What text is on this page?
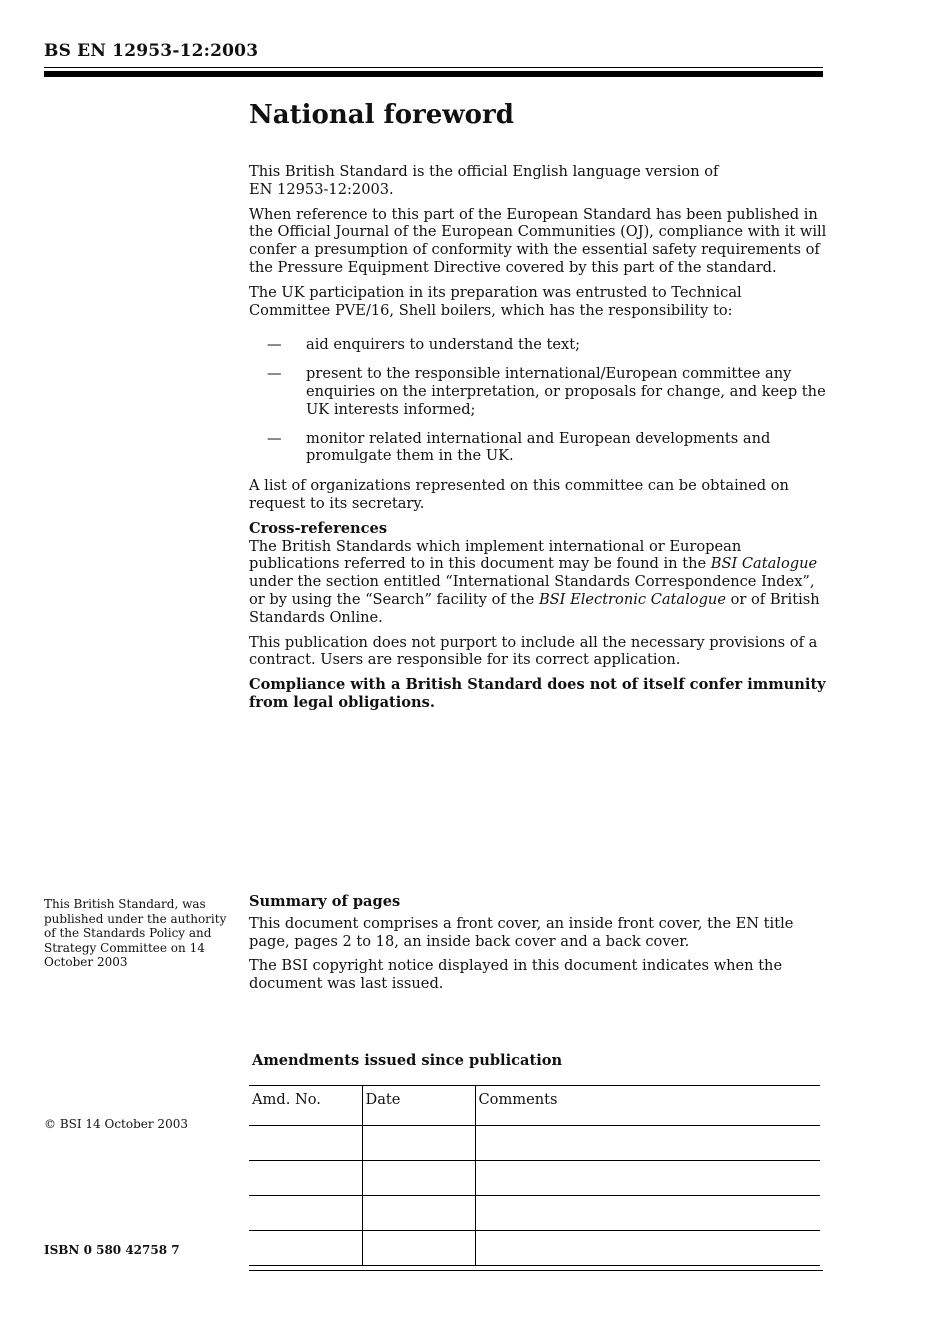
BS EN 12953-12:2003
National foreword

This British Standard is the official English language version of
EN 12953-12:2003.

When reference to this part of the European Standard has been published in the Official Journal of the European Communities (OJ), compliance with it will confer a presumption of conformity with the essential safety requirements of the Pressure Equipment Directive covered by this part of the standard.

The UK participation in its preparation was entrusted to Technical Committee PVE/16, Shell boilers, which has the responsibility to:

— aid enquirers to understand the text;
— present to the responsible international/European committee any enquiries on the interpretation, or proposals for change, and keep the UK interests informed;
— monitor related international and European developments and promulgate them in the UK.

A list of organizations represented on this committee can be obtained on request to its secretary.

Cross-references

The British Standards which implement international or European publications referred to in this document may be found in the BSI Catalogue under the section entitled “International Standards Correspondence Index”, or by using the “Search” facility of the BSI Electronic Catalogue or of British Standards Online.

This publication does not purport to include all the necessary provisions of a contract. Users are responsible for its correct application.

Compliance with a British Standard does not of itself confer immunity from legal obligations.

This British Standard, was published under the authority of the Standards Policy and Strategy Committee on 14 October 2003

Summary of pages

This document comprises a front cover, an inside front cover, the EN title page, pages 2 to 18, an inside back cover and a back cover.

The BSI copyright notice displayed in this document indicates when the document was last issued.

Amendments issued since publication
Amd. No.	Date	Comments

© BSI 14 October 2003
ISBN 0 580 42758 7
